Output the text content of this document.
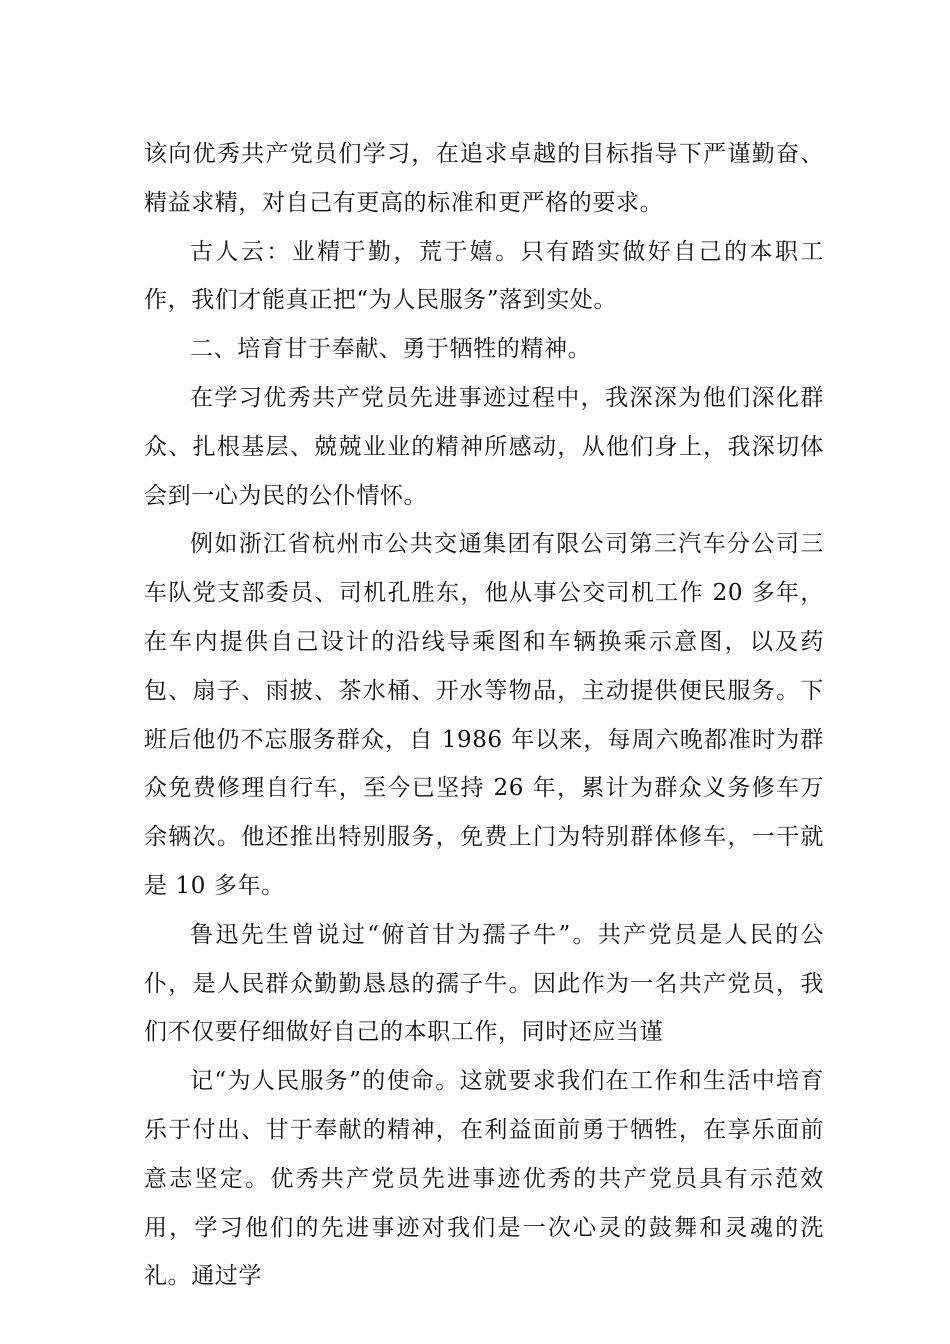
该向优秀共产党员们学习，在追求卓越的目标指导下严谨勤奋、精益求精，对自己有更高的标准和更严格的要求。

古人云：业精于勤，荒于嬉。只有踏实做好自己的本职工作，我们才能真正把“为人民服务”落到实处。

二、培育甘于奉献、勇于牺牲的精神。

在学习优秀共产党员先进事迹过程中，我深深为他们深化群众、扎根基层、兢兢业业的精神所感动，从他们身上，我深切体会到一心为民的公仆情怀。

例如浙江省杭州市公共交通集团有限公司第三汽车分公司三车队党支部委员、司机孔胜东，他从事公交司机工作 20 多年，在车内提供自己设计的沿线导乘图和车辆换乘示意图，以及药包、扇子、雨披、茶水桶、开水等物品，主动提供便民服务。下班后他仍不忘服务群众，自 1986 年以来，每周六晚都准时为群众免费修理自行车，至今已坚持 26 年，累计为群众义务修车万余辆次。他还推出特别服务，免费上门为特别群体修车，一干就是 10 多年。

鲁迅先生曾说过“俯首甘为孺子牛”。共产党员是人民的公仆，是人民群众勤勤恳恳的孺子牛。因此作为一名共产党员，我们不仅要仔细做好自己的本职工作，同时还应当谨

记“为人民服务”的使命。这就要求我们在工作和生活中培育乐于付出、甘于奉献的精神，在利益面前勇于牺牲，在享乐面前意志坚定。优秀共产党员先进事迹优秀的共产党员具有示范效用，学习他们的先进事迹对我们是一次心灵的鼓舞和灵魂的洗礼。通过学
